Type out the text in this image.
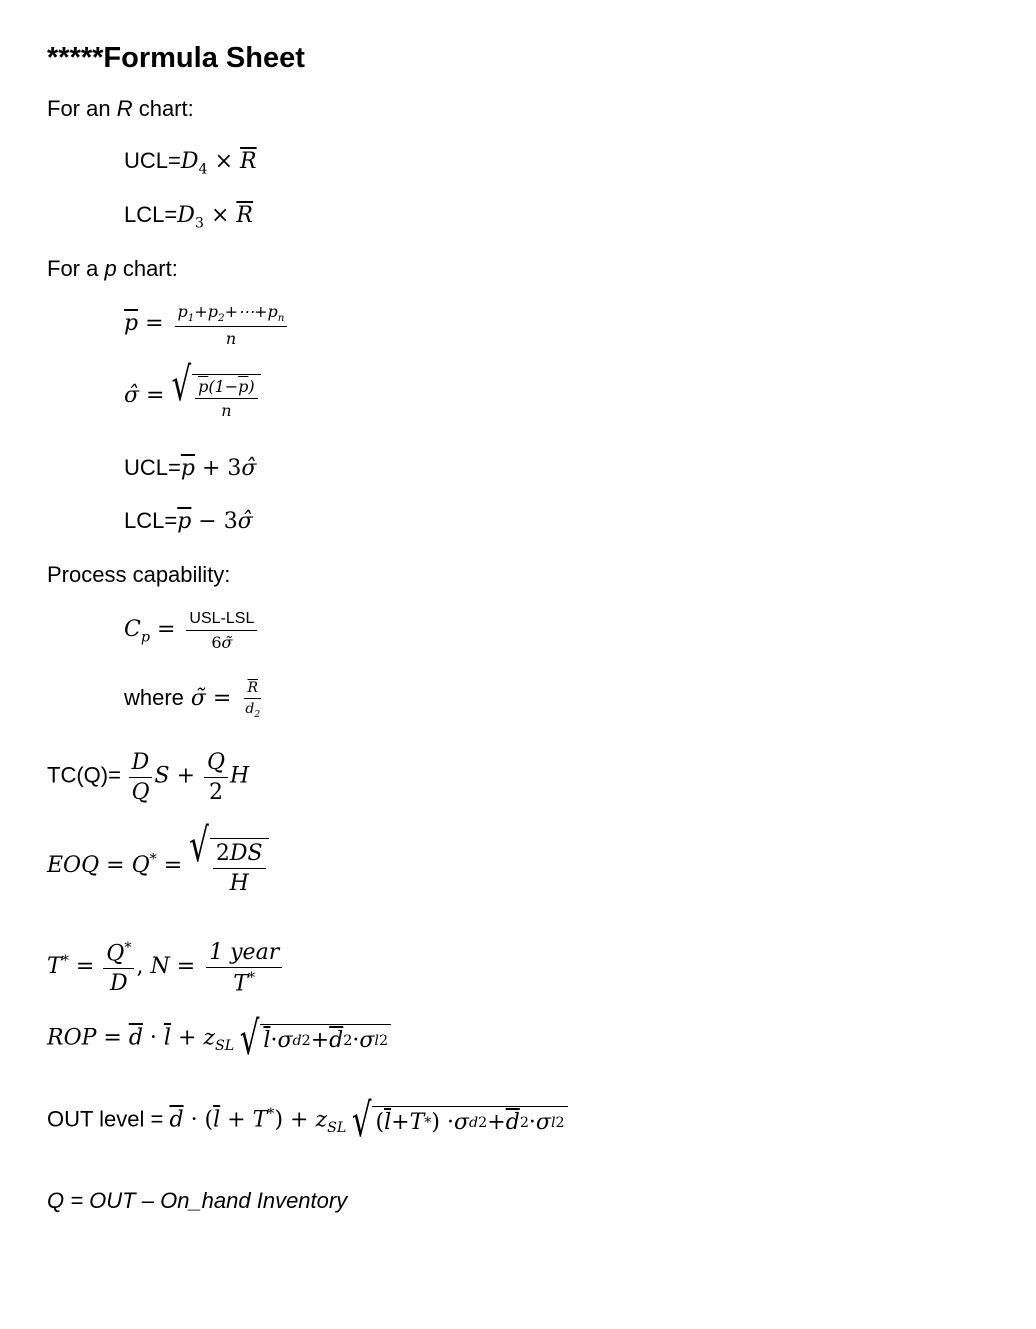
*****Formula Sheet
For an R chart:
$UCL=D_4 \times \overline{R}$
$LCL=D_3 \times \overline{R}$
For a p chart:
$\overline{p} = \frac{p_1+p_2+\cdots+p_n}{n}$
σ̂ = √ $\frac{p(1-\overline{p})}{n}$
$UCL=\overline{p}$ + 3σ̂
$LCL=\overline{p}$ − 3σ̂
Process capability:
$C_p = \frac{\text{USL-LSL}}{6\sigmã}$
where σ̃ = $\frac{\overline{R}}{d_2}$
$TC(Q)= \frac{D}{Q}$ $S + \frac{Q}{2}$ H
EOQ = Q* = √ $\frac{2DS}{H}$
$T^* = \frac{Q^*}{D}$ , $N = \frac{\text{1 year}}{T^*}$
ROP = $\overline{d} \cdot \overline{l} + z_{SL}$ √ l · σ d $2 + \overline{d}$ 2 · σ l 2
OUT level = $\overline{d} \cdot (\overline{l} + T^*) + z_{SL}$ √ ( $\overline{l} + T$ * ) · σ d $2 + \overline{d}$ 2 · σ l 2
Q = OUT – On_hand Inventory
